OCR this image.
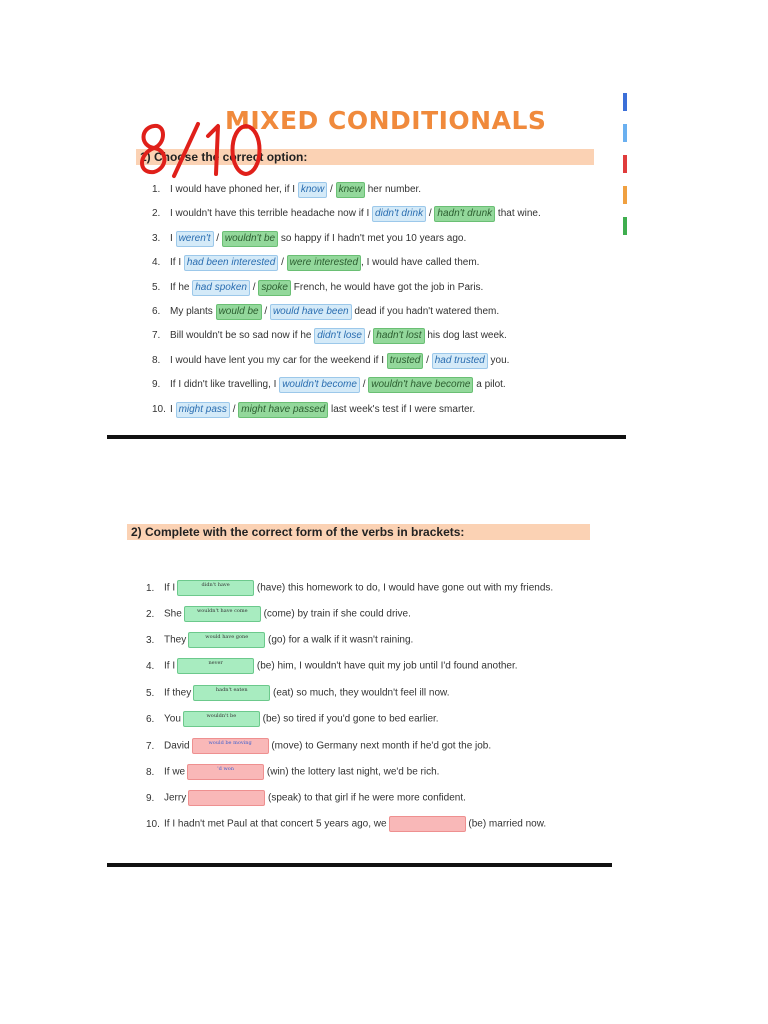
MIXED CONDITIONALS
1) Choose the correct option:
1. I would have phoned her, if I know / knew her number.
2. I wouldn't have this terrible headache now if I didn't drink / hadn't drunk that wine.
3. I weren't / wouldn't be so happy if I hadn't met you 10 years ago.
4. If I had been interested / were interested , I would have called them.
5. If he had spoken / spoke French, he would have got the job in Paris.
6. My plants would be / would have been dead if you hadn't watered them.
7. Bill wouldn't be so sad now if he didn't lose / hadn't lost his dog last week.
8. I would have lent you my car for the weekend if I trusted / had trusted you.
9. If I didn't like travelling, I wouldn't become / wouldn't have become a pilot.
10. I might pass / might have passed last week's test if I were smarter.
2) Complete with the correct form of the verbs in brackets:
1. If I	didn't have (have) this homework to do, I would have gone out with my friends.
2. She	wouldn't have come (come) by train if she could drive.
3. They	would have gone (go) for a walk if it wasn't raining.
4. If I	never	(be) him, I wouldn't have quit my job until I'd found another.
5. If they	hadn't eaten (eat) so much, they wouldn't feel ill now.
6. You	wouldn't be (be) so tired if you'd gone to bed earlier.
7. David	would be moving (move) to Germany next month if he'd got the job.
8. If we	'd won	(win) the lottery last night, we'd be rich.
9. Jerry	(speak) to that girl if he were more confident.
10. If I hadn't met Paul at that concert 5 years ago, we	(be) married now.
8/10
